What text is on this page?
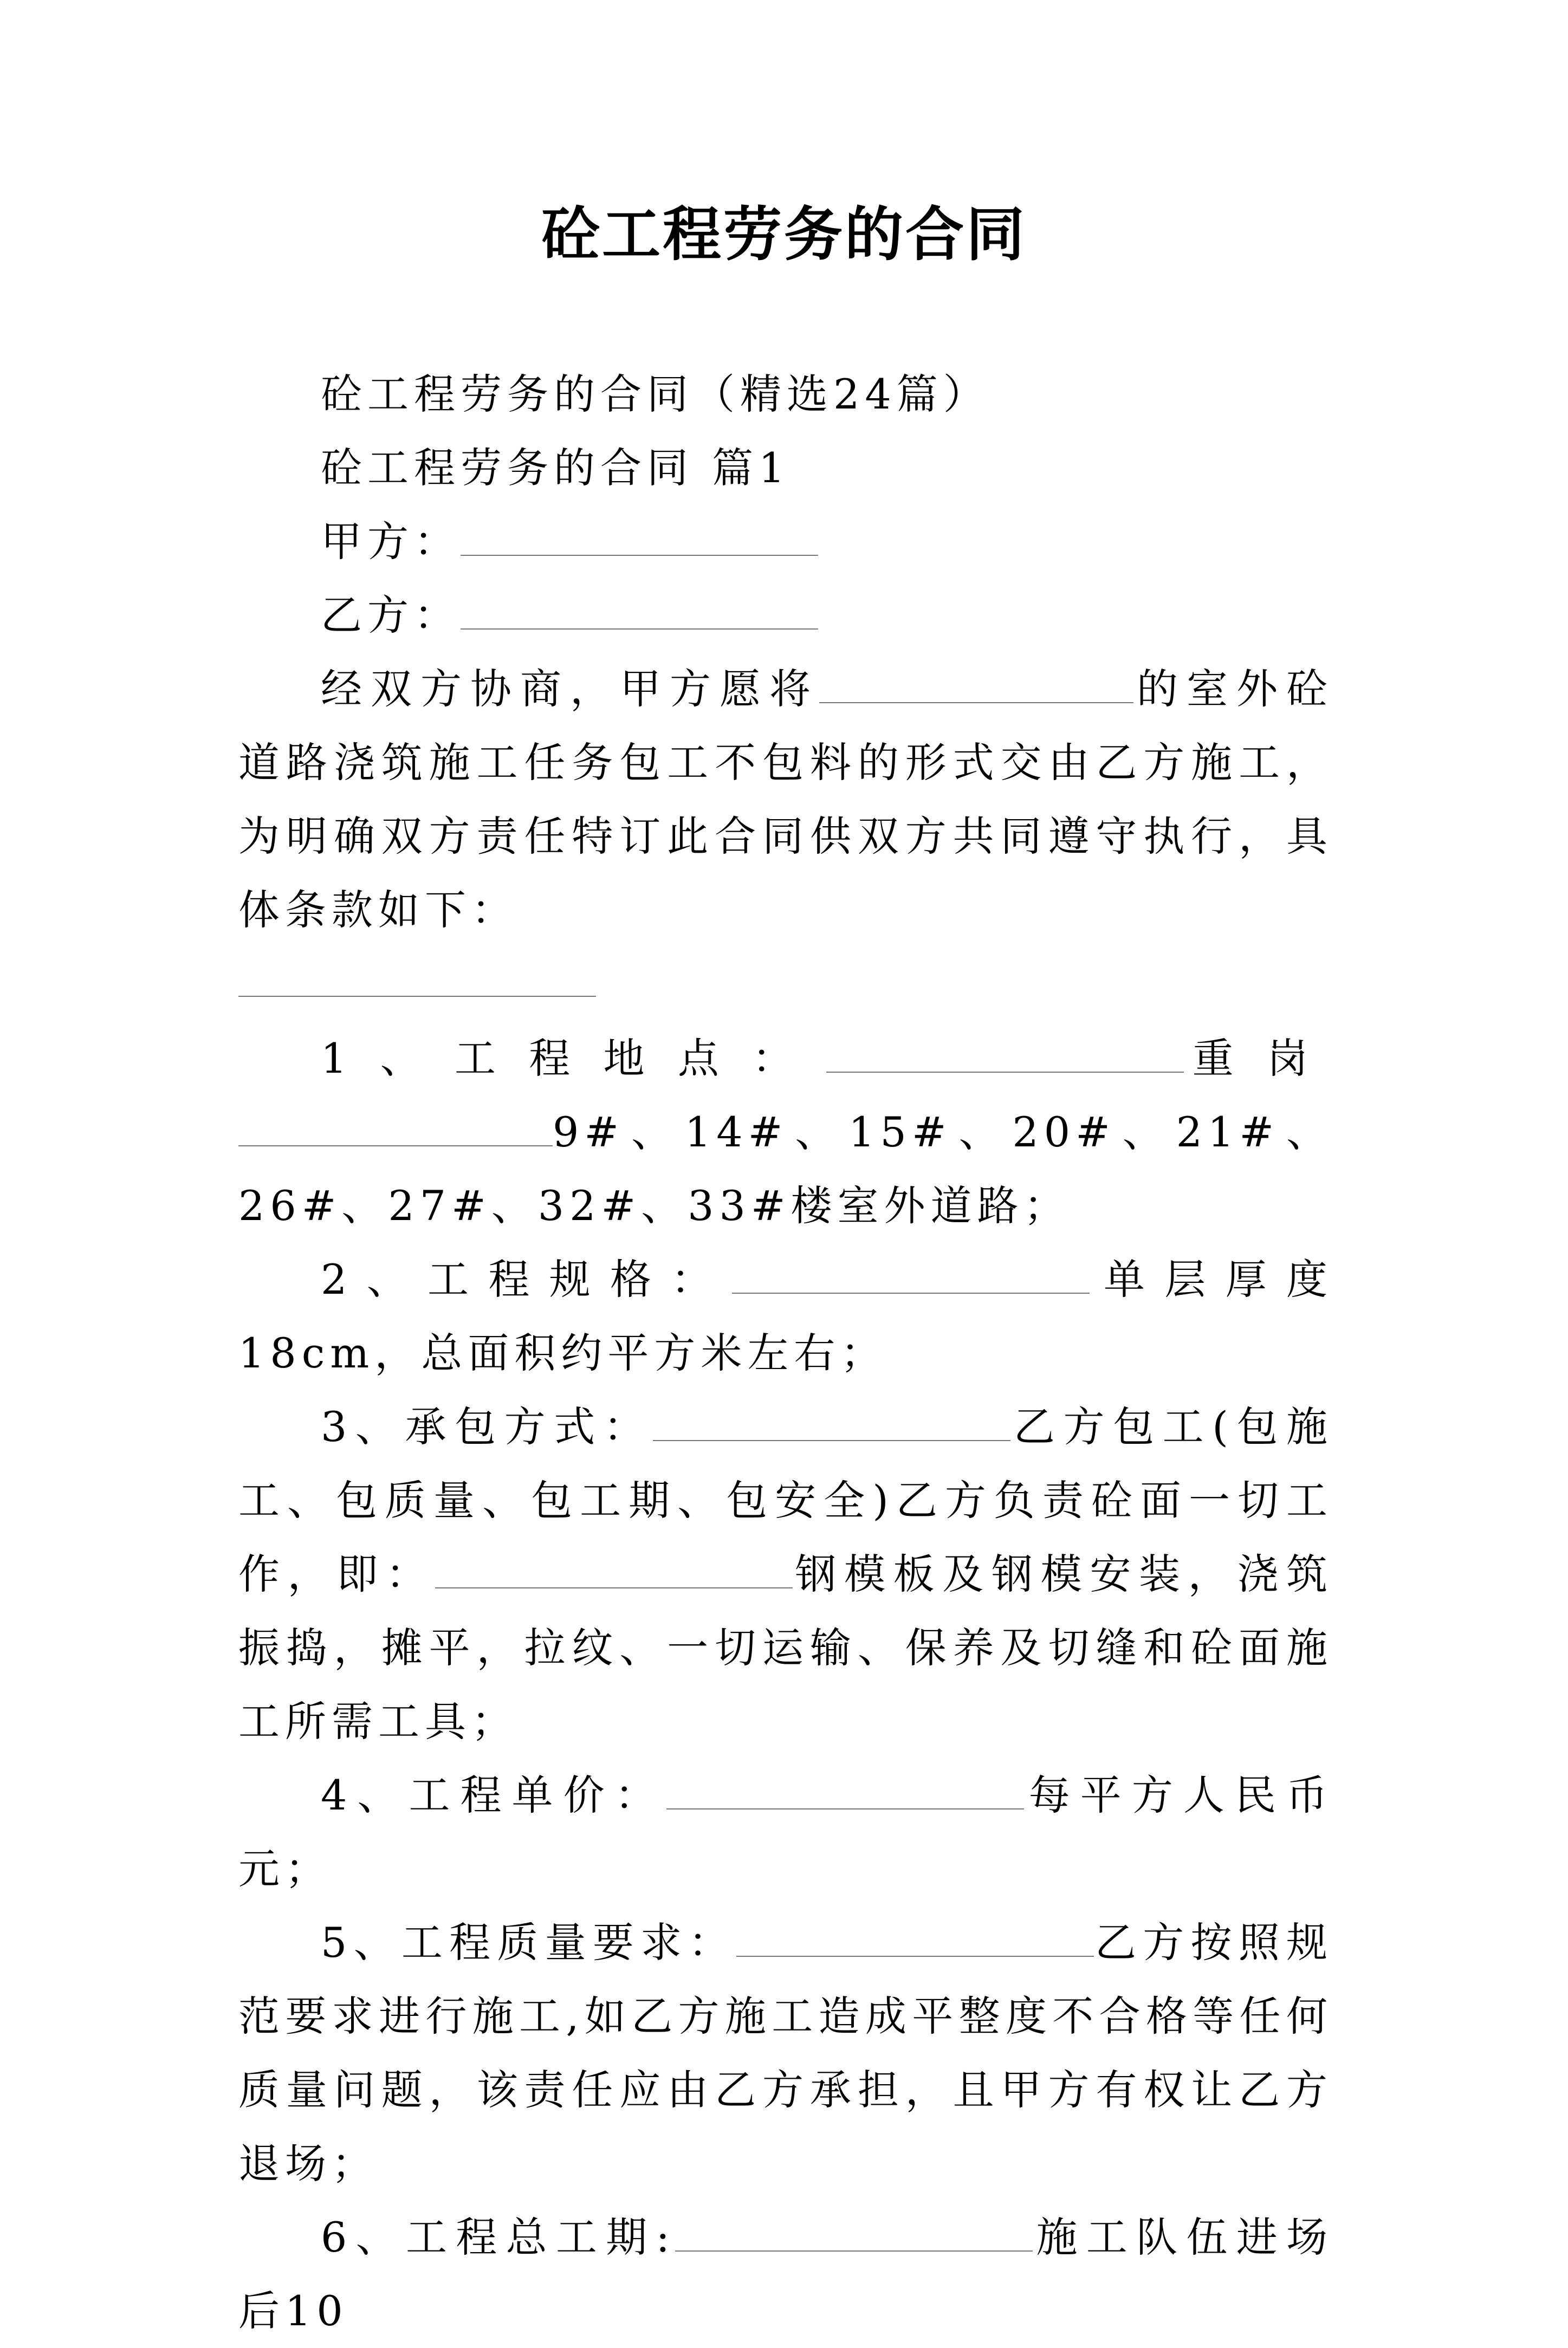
砼工程劳务的合同

砼工程劳务的合同（精选24篇）

砼工程劳务的合同 篇1

甲方：

乙方：

经双方协商，甲方愿将	的室外砼道路浇筑施工任务包工不包料的形式交由乙方施工，为明确双方责任特订此合同供双方共同遵守执行，具体条款如下：

1、工程地点：	重岗9#、14#、15#、20#、21#、26#、27#、32#、33#楼室外道路；

2、工程规格：	单层厚度18cm，总面积约平方米左右；

3、承包方式：	乙方包工(包施工、包质量、包工期、包安全)乙方负责砼面一切工作，即：	钢模板及钢模安装，浇筑振捣，摊平，拉纹、一切运输、保养及切缝和砼面施工所需工具；

4、工程单价：	每平方人民币元；

5、工程质量要求：	乙方按照规范要求进行施工,如乙方施工造成平整度不合格等任何质量问题，该责任应由乙方承担，且甲方有权让乙方退场；

6、工程总工期:	施工队伍进场后10
